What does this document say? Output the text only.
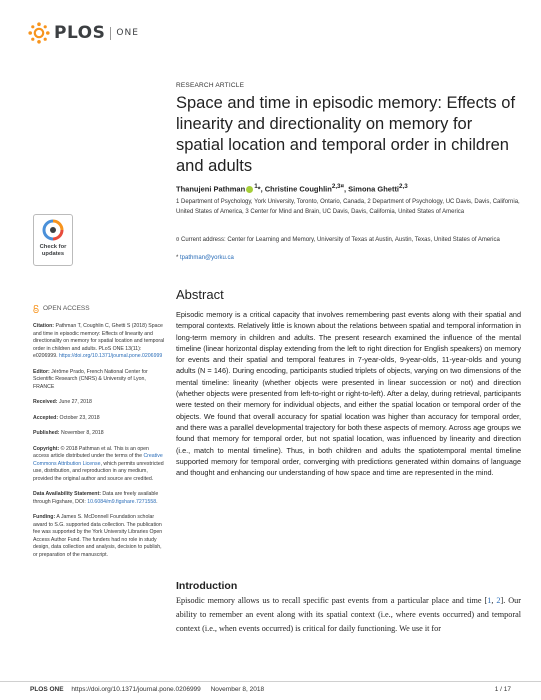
PLOS ONE
Check for
updates
RESEARCH ARTICLE
Space and time in episodic memory: Effects of linearity and directionality on memory for spatial location and temporal order in children and adults
Thanujeni Pathman $^1$*, Christine Coughlin$^{2,3¤}$, Simona Ghetti$^{2,3}$
1 Department of Psychology, York University, Toronto, Ontario, Canada, 2 Department of Psychology, UC Davis, Davis, California, United States of America, 3 Center for Mind and Brain, UC Davis, Davis, California, United States of America
¤ Current address: Center for Learning and Memory, University of Texas at Austin, Austin, Texas, United States of America
* tpathman@yorku.ca
Abstract
Episodic memory is a critical capacity that involves remembering past events along with their spatial and temporal contexts. Relatively little is known about the relations between spatial and temporal information in long-term memory in children and adults. The present research examined the influence of the mental timeline (linear horizontal display extending from the left to right direction for English speakers) on memory for events and their spatial and temporal features in 7-year-olds, 9-year-olds, 11-year-olds and young adults (N = 146). During encoding, participants studied triplets of objects, varying on two dimensions of the mental timeline: linearity (whether objects were presented in linear succession or not) and direction (whether objects were presented from left-to-right or right-to-left). After a delay, during retrieval, participants were tested on their memory for individual objects, and either the spatial location or temporal order of the objects. We found that overall accuracy for spatial location was higher than accuracy for temporal order, and there was a parallel developmental trajectory for both these aspects of memory. Across age groups we found that memory for temporal order, but not spatial location, was influenced by linearity and direction (i.e., match to mental timeline). Thus, in both children and adults the spatiotemporal mental timeline supported memory for temporal order, converging with predictions generated within domains of language and thought and enhancing our understanding of how space and time are represented in the mind.
Introduction
Episodic memory allows us to recall specific past events from a particular place and time [1, 2]. Our ability to remember an event along with its spatial context (i.e., where events occurred) and temporal context (i.e., when events occurred) is critical for daily functioning. We use it for
OPEN ACCESS
Citation: Pathman T, Coughlin C, Ghetti S (2018) Space and time in episodic memory: Effects of linearity and directionality on memory for spatial location and temporal order in children and adults. PLoS ONE 13(11): e0206999. https://doi.org/10.1371/journal.pone.0206999
Editor: Jérôme Prado, French National Center for Scientific Research (CNRS) & University of Lyon, FRANCE
Received: June 27, 2018
Accepted: October 23, 2018
Published: November 8, 2018
Copyright: © 2018 Pathman et al. This is an open access article distributed under the terms of the Creative Commons Attribution License, which permits unrestricted use, distribution, and reproduction in any medium, provided the original author and source are credited.
Data Availability Statement: Data are freely available through Figshare, DOI: 10.6084/m9.figshare.7271558.
Funding: A James S. McDonnell Foundation scholar award to S.G. supported data collection. The publication fee was supported by the York University Libraries Open Access Author Fund. The funders had no role in study design, data collection and analysis, decision to publish, or preparation of the manuscript.
PLOS ONE https://doi.org/10.1371/journal.pone.0206999 November 8, 2018	1 / 17
